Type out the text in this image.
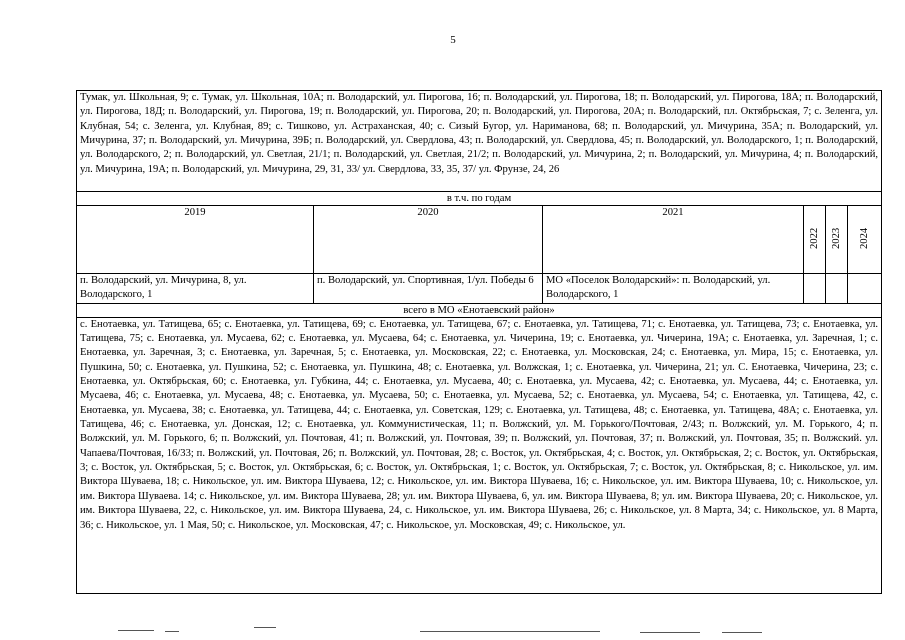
5
Тумак, ул. Школьная, 9; с. Тумак, ул. Школьная, 10А; п. Володарский, ул. Пирогова, 16; п. Володарский, ул. Пирогова, 18; п. Володарский, ул. Пирогова, 18А; п. Володарский, ул. Пирогова, 18Д; п. Володарский, ул. Пирогова, 19; п. Володарский, ул. Пирогова, 20; п. Володарский, ул. Пирогова, 20А; п. Володарский, пл. Октябрьская, 7; с. Зеленга, ул. Клубная, 54; с. Зеленга, ул. Клубная, 89; с. Тишково, ул. Астраханская, 40; с. Сизый Бугор, ул. Нариманова, 68; п. Володарский, ул. Мичурина, 35А; п. Володарский, ул. Мичурина, 37; п. Володарский, ул. Мичурина, 39Б; п. Володарский, ул. Свердлова, 43; п. Володарский, ул. Свердлова, 45; п. Володарский, ул. Володарского, 1; п. Володарский, ул. Володарского, 2; п. Володарский, ул. Светлая, 21/1; п. Володарский, ул. Светлая, 21/2; п. Володарский, ул. Мичурина, 2; п. Володарский, ул. Мичурина, 4; п. Володарский, ул. Мичурина, 19А; п. Володарский, ул. Мичурина, 29, 31, 33/ ул. Свердлова, 33, 35, 37/ ул. Фрунзе, 24, 26					
в т.ч. по годам					
2019	2020	2021	2022	2023	2024

п. Володарский, ул. Мичурина, 8, ул. Володарского, 1	п. Володарский, ул. Спортивная, 1/ул. Победы 6	МО «Поселок Володарский»: п. Володарский, ул. Володарского, 1			
всего в МО «Енотаевский район»					
с. Енотаевка, ул. Татищева, 65; с. Енотаевка, ул. Татищева, 69; с. Енотаевка, ул. Татищева, 67; с. Енотаевка, ул. Татищева, 71; с. Енотаевка, ул. Татищева, 73; с. Енотаевка, ул. Татищева, 75; с. Енотаевка, ул. Мусаева, 62; с. Енотаевка, ул. Мусаева, 64; с. Енотаевка, ул. Чичерина, 19; с. Енотаевка, ул. Чичерина, 19А; с. Енотаевка, ул. Заречная, 1; с. Енотаевка, ул. Заречная, 3; с. Енотаевка, ул. Заречная, 5; с. Енотаевка, ул. Московская, 22; с. Енотаевка, ул. Московская, 24; с. Енотаевка, ул. Мира, 15; с. Енотаевка, ул. Пушкина, 50; с. Енотаевка, ул. Пушкина, 52; с. Енотаевка, ул. Пушкина, 48; с. Енотаевка, ул. Волжская, 1; с. Енотаевка, ул. Чичерина, 21; ул. С. Енотаевка, Чичерина, 23; с. Енотаевка, ул. Октябрьская, 60; с. Енотаевка, ул. Губкина, 44; с. Енотаевка, ул. Мусаева, 40; с. Енотаевка, ул. Мусаева, 42; с. Енотаевка, ул. Мусаева, 44; с. Енотаевка, ул. Мусаева, 46; с. Енотаевка, ул. Мусаева, 48; с. Енотаевка, ул. Мусаева, 50; с. Енотаевка, ул. Мусаева, 52; с. Енотаевка, ул. Мусаева, 54; с. Енотаевка, ул. Татищева, 42, с. Енотаевка, ул. Мусаева, 38; с. Енотаевка, ул. Татищева, 44; с. Енотаевка, ул. Советская, 129; с. Енотаевка, ул. Татищева, 48; с. Енотаевка, ул. Татищева, 48А; с. Енотаевка, ул. Татищева, 46; с. Енотаевка, ул. Донская, 12; с. Енотаевка, ул. Коммунистическая, 11; п. Волжский, ул. М. Горького/Почтовая, 2/43; п. Волжский, ул. М. Горького, 4; п. Волжский, ул. М. Горького, 6; п. Волжский, ул. Почтовая, 41; п. Волжский, ул. Почтовая, 39; п. Волжский, ул. Почтовая, 37; п. Волжский, ул. Почтовая, 35; п. Волжский. ул. Чапаева/Почтовая, 16/33; п. Волжский, ул. Почтовая, 26; п. Волжский, ул. Почтовая, 28; с. Восток, ул. Октябрьская, 4; с. Восток, ул. Октябрьская, 2; с. Восток, ул. Октябрьская, 3; с. Восток, ул. Октябрьская, 5; с. Восток, ул. Октябрьская, 6; с. Восток, ул. Октябрьская, 1; с. Восток, ул. Октябрьская, 7; с. Восток, ул. Октябрьская, 8; с. Никольское, ул. им. Виктора Шуваева, 18; с. Никольское, ул. им. Виктора Шуваева, 12; с. Никольское, ул. им. Виктора Шуваева, 16; с. Никольское, ул. им. Виктора Шуваева, 10; с. Никольское, ул. им. Виктора Шуваева. 14; с. Никольское, ул. им. Виктора Шуваева, 28; ул. им. Виктора Шуваева, 6, ул. им. Виктора Шуваева, 8; ул. им. Виктора Шуваева, 20; с. Никольское, ул. им. Виктора Шуваева, 22, с. Никольское, ул. им. Виктора Шуваева, 24, с. Никольское, ул. им. Виктора Шуваева, 26; с. Никольское, ул. 8 Марта, 34; с. Никольское, ул. 8 Марта, 36; с. Никольское, ул. 1 Мая, 50; с. Никольское, ул. Московская, 47; с. Никольское, ул. Московская, 49; с. Никольское, ул.					
